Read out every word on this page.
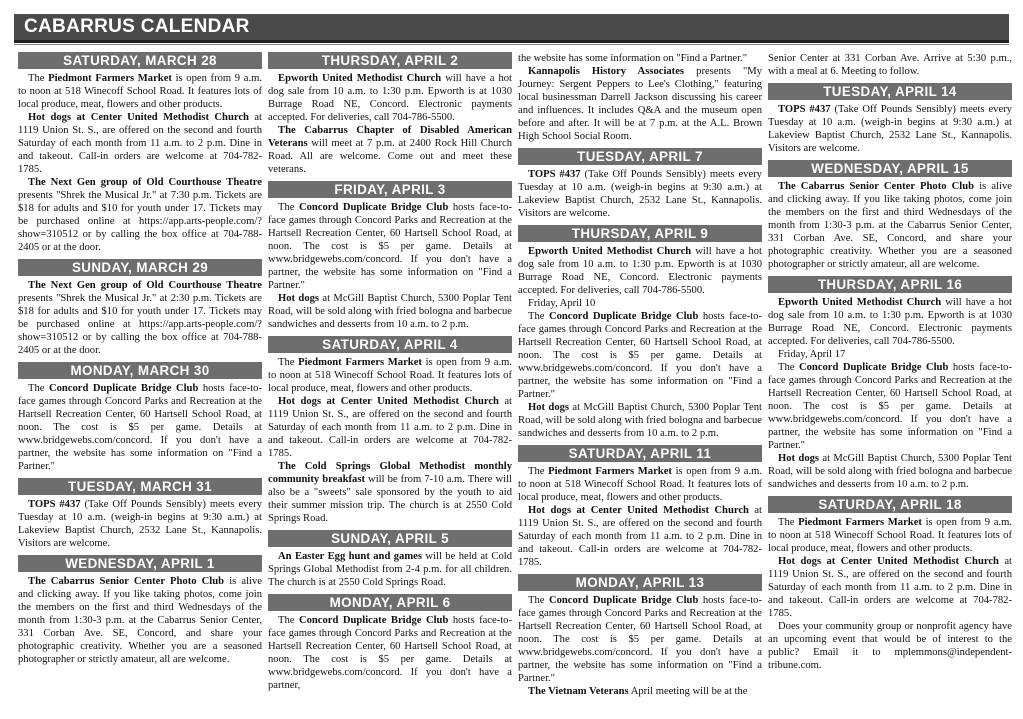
CABARRUS CALENDAR
SATURDAY, MARCH 28

The Piedmont Farmers Market is open from 9 a.m. to noon at 518 Winecoff School Road. It features lots of local produce, meat, flowers and other products.

Hot dogs at Center United Methodist Church at 1119 Union St. S., are offered on the second and fourth Saturday of each month from 11 a.m. to 2 p.m. Dine in and takeout. Call-in orders are welcome at 704-782-1785.

The Next Gen group of Old Courthouse Theatre presents "Shrek the Musical Jr." at 7:30 p.m. Tickets are $18 for adults and $10 for youth under 17. Tickets may be purchased online at https://app.arts-people.com/?show=310512 or by calling the box office at 704-788-2405 or at the door.

SUNDAY, MARCH 29

The Next Gen group of Old Courthouse Theatre presents "Shrek the Musical Jr." at 2:30 p.m. Tickets are $18 for adults and $10 for youth under 17. Tickets may be purchased online at https://app.arts-people.com/?show=310512 or by calling the box office at 704-788-2405 or at the door.

MONDAY, MARCH 30

The Concord Duplicate Bridge Club hosts face-to-face games through Concord Parks and Recreation at the Hartsell Recreation Center, 60 Hartsell School Road, at noon. The cost is $5 per game. Details at www.bridgewebs.com/concord. If you don't have a partner, the website has some information on "Find a Partner."

TUESDAY, MARCH 31

TOPS #437 (Take Off Pounds Sensibly) meets every Tuesday at 10 a.m. (weigh-in begins at 9:30 a.m.) at Lakeview Baptist Church, 2532 Lane St., Kannapolis. Visitors are welcome.

WEDNESDAY, APRIL 1

The Cabarrus Senior Center Photo Club is alive and clicking away. If you like taking photos, come join the members on the first and third Wednesdays of the month from 1:30-3 p.m. at the Cabarrus Senior Center, 331 Corban Ave. SE, Concord, and share your photographic creativity. Whether you are a seasoned photographer or strictly amateur, all are welcome.

THURSDAY, APRIL 2

Epworth United Methodist Church will have a hot dog sale from 10 a.m. to 1:30 p.m. Epworth is at 1030 Burrage Road NE, Concord. Electronic payments accepted. For deliveries, call 704-786-5500.

The Cabarrus Chapter of Disabled American Veterans will meet at 7 p.m. at 2400 Rock Hill Church Road. All are welcome. Come out and meet these veterans.

FRIDAY, APRIL 3

The Concord Duplicate Bridge Club hosts face-to-face games through Concord Parks and Recreation at the Hartsell Recreation Center, 60 Hartsell School Road, at noon. The cost is $5 per game. Details at www.bridgewebs.com/concord. If you don't have a partner, the website has some information on "Find a Partner."

Hot dogs at McGill Baptist Church, 5300 Poplar Tent Road, will be sold along with fried bologna and barbecue sandwiches and desserts from 10 a.m. to 2 p.m.

SATURDAY, APRIL 4

The Piedmont Farmers Market is open from 9 a.m. to noon at 518 Winecoff School Road. It features lots of local produce, meat, flowers and other products.

Hot dogs at Center United Methodist Church at 1119 Union St. S., are offered on the second and fourth Saturday of each month from 11 a.m. to 2 p.m. Dine in and takeout. Call-in orders are welcome at 704-782-1785.

The Cold Springs Global Methodist monthly community breakfast will be from 7-10 a.m. There will also be a "sweets" sale sponsored by the youth to aid their summer mission trip. The church is at 2550 Cold Springs Road.

SUNDAY, APRIL 5

An Easter Egg hunt and games will be held at Cold Springs Global Methodist from 2-4 p.m. for all children. The church is at 2550 Cold Springs Road.

MONDAY, APRIL 6

The Concord Duplicate Bridge Club hosts face-to-face games through Concord Parks and Recreation at the Hartsell Recreation Center, 60 Hartsell School Road, at noon. The cost is $5 per game. Details at www.bridgewebs.com/concord. If you don't have a partner,

the website has some information on "Find a Partner."

Kannapolis History Associates presents "My Journey: Sergent Peppers to Lee's Clothing," featuring local businessman Darrell Jackson discussing his career and influences. It includes Q&A and the museum open before and after. It will be at 7 p.m. at the A.L. Brown High School Social Room.

TUESDAY, APRIL 7

TOPS #437 (Take Off Pounds Sensibly) meets every Tuesday at 10 a.m. (weigh-in begins at 9:30 a.m.) at Lakeview Baptist Church, 2532 Lane St., Kannapolis. Visitors are welcome.

THURSDAY, APRIL 9

Epworth United Methodist Church will have a hot dog sale from 10 a.m. to 1:30 p.m. Epworth is at 1030 Burrage Road NE, Concord. Electronic payments accepted. For deliveries, call 704-786-5500.

Friday, April 10

The Concord Duplicate Bridge Club hosts face-to-face games through Concord Parks and Recreation at the Hartsell Recreation Center, 60 Hartsell School Road, at noon. The cost is $5 per game. Details at www.bridgewebs.com/concord. If you don't have a partner, the website has some information on "Find a Partner."

Hot dogs at McGill Baptist Church, 5300 Poplar Tent Road, will be sold along with fried bologna and barbecue sandwiches and desserts from 10 a.m. to 2 p.m.

SATURDAY, APRIL 11

The Piedmont Farmers Market is open from 9 a.m. to noon at 518 Winecoff School Road. It features lots of local produce, meat, flowers and other products.

Hot dogs at Center United Methodist Church at 1119 Union St. S., are offered on the second and fourth Saturday of each month from 11 a.m. to 2 p.m. Dine in and takeout. Call-in orders are welcome at 704-782-1785.

MONDAY, APRIL 13

The Concord Duplicate Bridge Club hosts face-to-face games through Concord Parks and Recreation at the Hartsell Recreation Center, 60 Hartsell School Road, at noon. The cost is $5 per game. Details at www.bridgewebs.com/concord. If you don't have a partner, the website has some information on "Find a Partner."

The Vietnam Veterans April meeting will be at the

Senior Center at 331 Corban Ave. Arrive at 5:30 p.m., with a meal at 6. Meeting to follow.

TUESDAY, APRIL 14

TOPS #437 (Take Off Pounds Sensibly) meets every Tuesday at 10 a.m. (weigh-in begins at 9:30 a.m.) at Lakeview Baptist Church, 2532 Lane St., Kannapolis. Visitors are welcome.

WEDNESDAY, APRIL 15

The Cabarrus Senior Center Photo Club is alive and clicking away. If you like taking photos, come join the members on the first and third Wednesdays of the month from 1:30-3 p.m. at the Cabarrus Senior Center, 331 Corban Ave. SE, Concord, and share your photographic creativity. Whether you are a seasoned photographer or strictly amateur, all are welcome.

THURSDAY, APRIL 16

Epworth United Methodist Church will have a hot dog sale from 10 a.m. to 1:30 p.m. Epworth is at 1030 Burrage Road NE, Concord. Electronic payments accepted. For deliveries, call 704-786-5500.

Friday, April 17

The Concord Duplicate Bridge Club hosts face-to-face games through Concord Parks and Recreation at the Hartsell Recreation Center, 60 Hartsell School Road, at noon. The cost is $5 per game. Details at www.bridgewebs.com/concord. If you don't have a partner, the website has some information on "Find a Partner."

Hot dogs at McGill Baptist Church, 5300 Poplar Tent Road, will be sold along with fried bologna and barbecue sandwiches and desserts from 10 a.m. to 2 p.m.

SATURDAY, APRIL 18

The Piedmont Farmers Market is open from 9 a.m. to noon at 518 Winecoff School Road. It features lots of local produce, meat, flowers and other products.

Hot dogs at Center United Methodist Church at 1119 Union St. S., are offered on the second and fourth Saturday of each month from 11 a.m. to 2 p.m. Dine in and takeout. Call-in orders are welcome at 704-782-1785.

Does your community group or nonprofit agency have an upcoming event that would be of interest to the public? Email it to mplemmons@independent-tribune.com.
